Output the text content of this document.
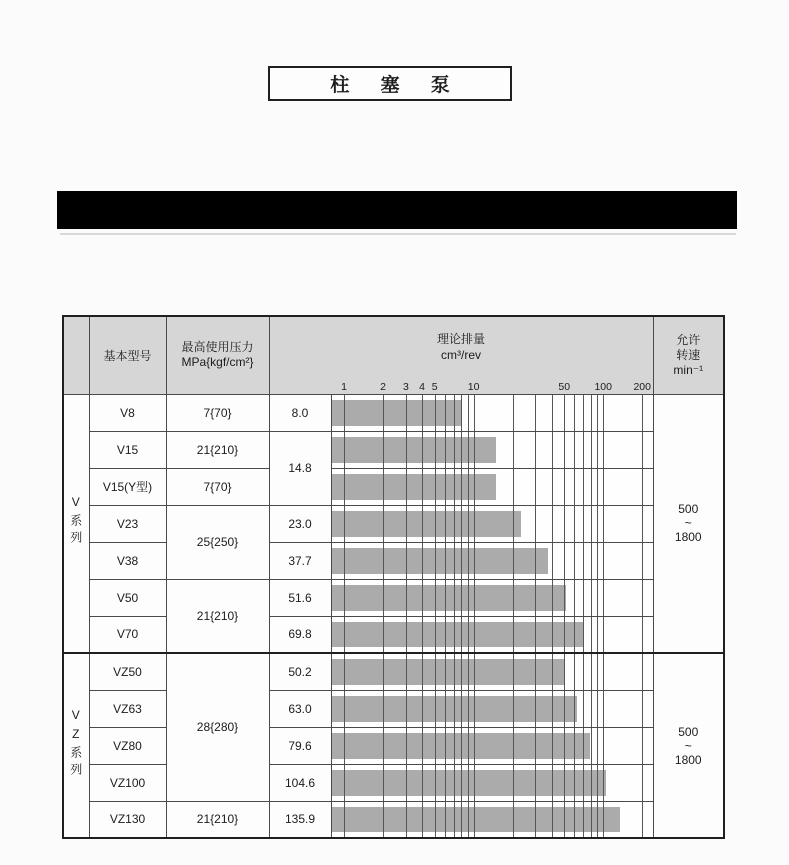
柱 塞 泵
	基本型号	
最高使用压力
MPa{kgf/cm²}

理论排量
cm³/rev
1	2 3 4 5	10	50 100 200

允许
转速
min⁻¹

V系列	V8	7{70}	8.0		500
~
1800

	V15	21{210}	14.8		

	V15(Y型)	7{70}			

	V23	25{250}	23.0		

	V38		37.7		

	V50	21{210}	51.6		

	V70		69.8		

VZ系列	VZ50	28{280}	50.2		500
~
1800

	VZ63		63.0		

	VZ80		79.6		

	VZ100		104.6		

	VZ130	21{210}	135.9		
